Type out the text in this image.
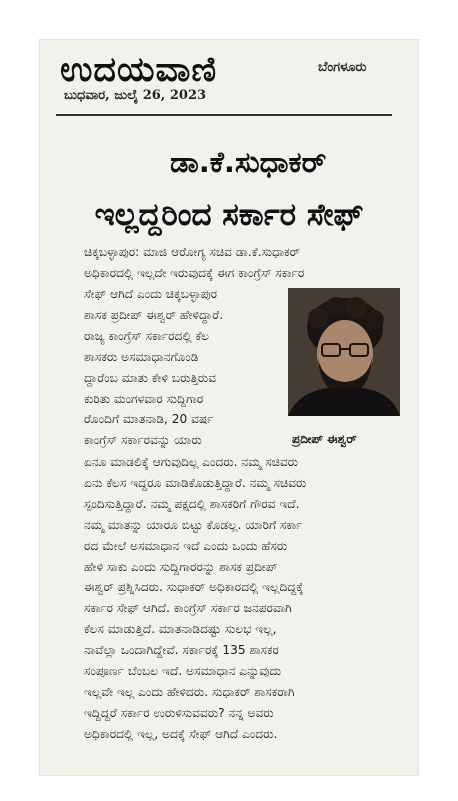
ಉದಯವಾಣಿ	ಬೆಂಗಳೂರು
ಬುಧವಾರ, ಜುಲೈ 26, 2023
ಡಾ.ಕೆ.ಸುಧಾಕರ್
ಇಲ್ಲದ್ದರಿಂದ ಸರ್ಕಾರ ಸೇಫ್
ಚಿಕ್ಕಬಳ್ಳಾಪುರ: ಮಾಜಿ ಆರೋಗ್ಯ ಸಚಿವ ಡಾ.ಕೆ.ಸುಧಾಕರ್
ಅಧಿಕಾರದಲ್ಲಿ ಇಲ್ಲದೇ ಇರುವುದಕ್ಕೆ ಈಗ ಕಾಂಗ್ರೆಸ್ ಸರ್ಕಾರ
ಸೇಫ್ ಆಗಿದೆ ಎಂದು ಚಿಕ್ಕಬಳ್ಳಾಪುರ
ಶಾಸಕ ಪ್ರದೀಪ್ ಈಶ್ವರ್ ಹೇಳಿದ್ದಾರೆ.
ರಾಜ್ಯ ಕಾಂಗ್ರೆಸ್ ಸರ್ಕಾರದಲ್ಲಿ ಕೆಲ
ಶಾಸಕರು ಅಸಮಾಧಾನಗೊಂಡಿ
ದ್ದಾರೆಂಬ ಮಾತು ಕೇಳಿ ಬರುತ್ತಿರುವ
ಕುರಿತು ಮಂಗಳವಾರ ಸುದ್ದಿಗಾರ
ರೊಂದಿಗೆ ಮಾತನಾಡಿ, 20 ವರ್ಷ
ಕಾಂಗ್ರೆಸ್ ಸರ್ಕಾರವನ್ನು ಯಾರು	ಪ್ರದೀಪ್ ಈಶ್ವರ್
ಏನೂ ಮಾಡಲಿಕ್ಕೆ ಆಗುವುದಿಲ್ಲ ಎಂದರು. ನಮ್ಮ ಸಚಿವರು
ಏನು ಕೆಲಸ ಇದ್ದರೂ ಮಾಡಿಕೊಡುತ್ತಿದ್ದಾರೆ. ನಮ್ಮ ಸಚಿವರು
ಸ್ಪಂದಿಸುತ್ತಿದ್ದಾರೆ. ನಮ್ಮ ಪಕ್ಷದಲ್ಲಿ ಶಾಸಕರಿಗೆ ಗೌರವ ಇದೆ.
ನಮ್ಮ ಮಾತನ್ನು ಯಾರೂ ಬಿಟ್ಟು ಕೊಡಲ್ಲ. ಯಾರಿಗೆ ಸರ್ಕಾ
ರದ ಮೇಲೆ ಅಸಮಾಧಾನ ಇದೆ ಎಂದು ಒಂದು ಹೆಸರು
ಹೇಳಿ ಸಾಕು ಎಂದು ಸುದ್ದಿಗಾರರನ್ನು ಶಾಸಕ ಪ್ರದೀಪ್
ಈಶ್ವರ್ ಪ್ರಶ್ನಿಸಿದರು. ಸುಧಾಕರ್ ಅಧಿಕಾರದಲ್ಲಿ ಇಲ್ಲದಿದ್ದಕ್ಕೆ
ಸರ್ಕಾರ ಸೇಫ್ ಆಗಿದೆ. ಕಾಂಗ್ರೆಸ್ ಸರ್ಕಾರ ಜನಪರವಾಗಿ
ಕೆಲಸ ಮಾಡುತ್ತಿದೆ. ಮಾತನಾಡಿದಷ್ಟು ಸುಲಭ ಇಲ್ಲ,
ನಾವೆಲ್ಲಾ ಒಂದಾಗಿದ್ದೇವೆ. ಸರ್ಕಾರಕ್ಕೆ 135 ಶಾಸಕರ
ಸಂಪೂರ್ಣ ಬೆಂಬಲ ಇದೆ. ಅಸಮಾಧಾನ ಎನ್ನುವುದು
ಇಲ್ಲವೇ ಇಲ್ಲ ಎಂದು ಹೇಳಿದರು. ಸುಧಾಕರ್ ಶಾಸಕರಾಗಿ
ಇದ್ದಿದ್ದರೆ ಸರ್ಕಾರ ಉರುಳಿಸುವವರು? ನನ್ನ ಅವರು
ಅಧಿಕಾರದಲ್ಲಿ ಇಲ್ಲ, ಅದಕ್ಕೆ ಸೇಫ್ ಆಗಿದೆ ಎಂದರು.
